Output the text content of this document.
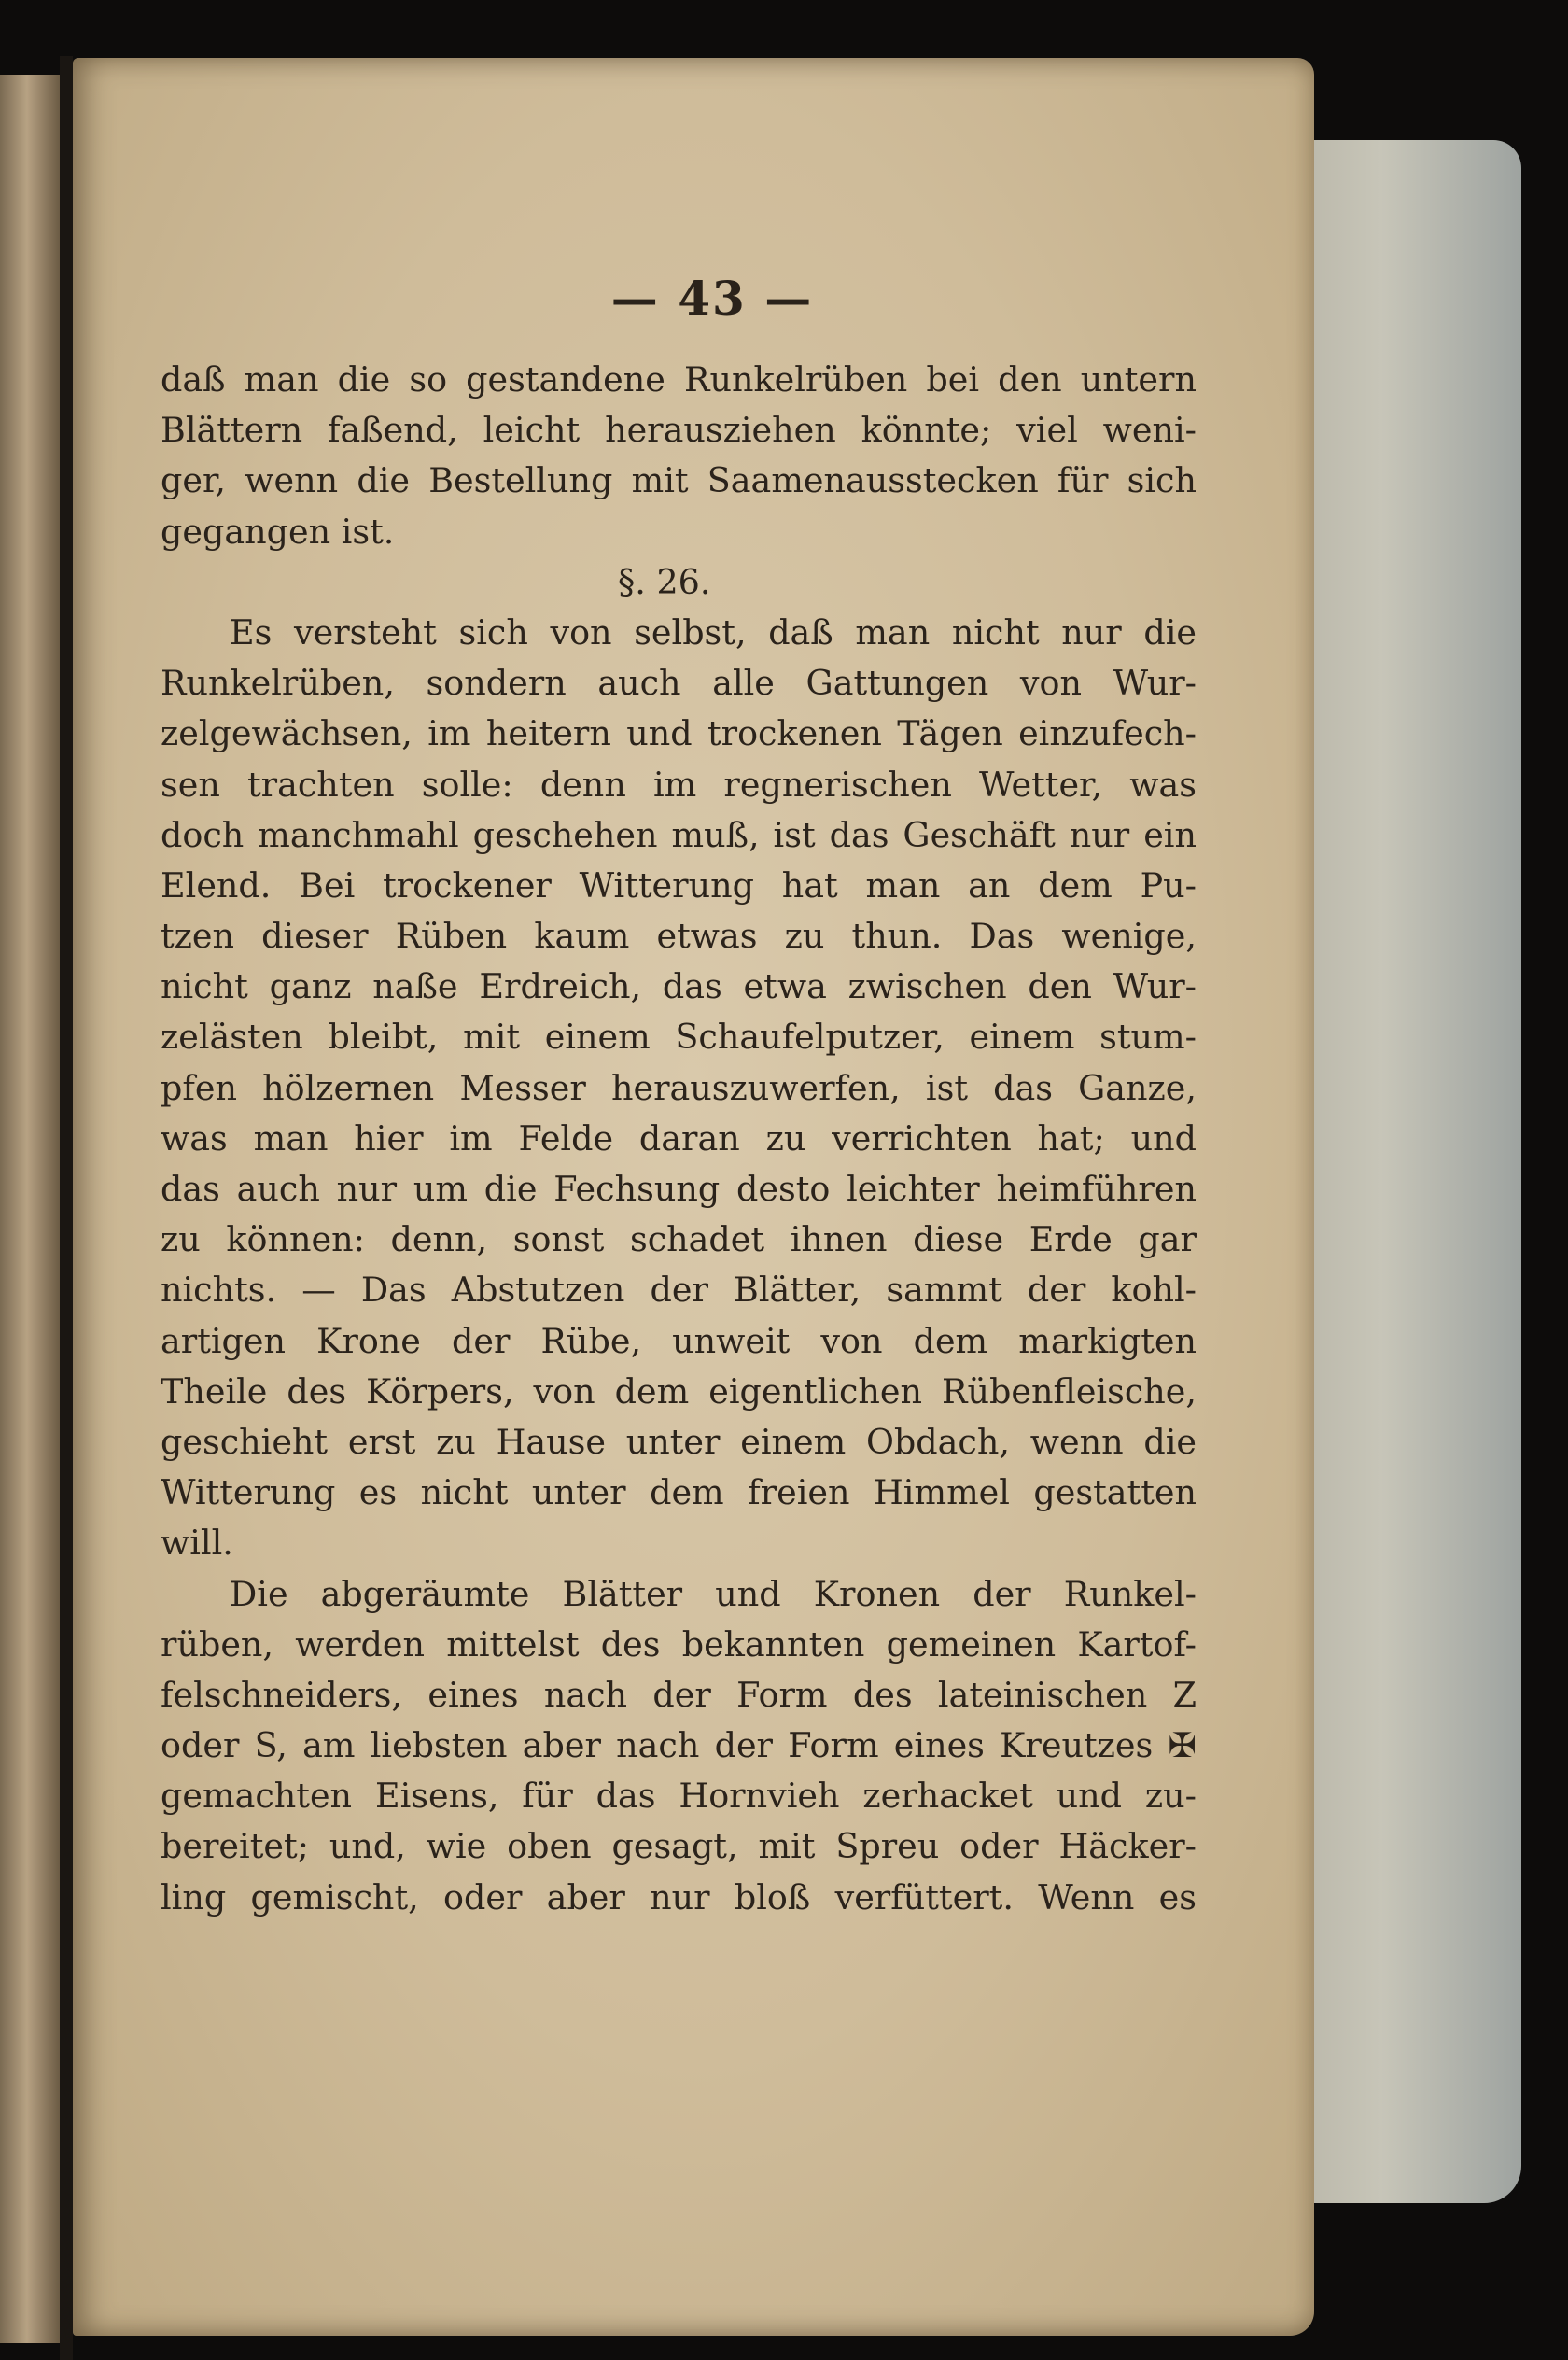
— 43 —
daß man die so gestandene Runkelrüben bei den untern
Blättern faßend, leicht herausziehen könnte; viel weni-
ger, wenn die Bestellung mit Saamenausstecken für sich
gegangen ist.
§. 26.
Es versteht sich von selbst, daß man nicht nur die
Runkelrüben, sondern auch alle Gattungen von Wur-
zelgewächsen, im heitern und trockenen Tägen einzufech-
sen trachten solle: denn im regnerischen Wetter, was
doch manchmahl geschehen muß, ist das Geschäft nur ein
Elend. Bei trockener Witterung hat man an dem Pu-
tzen dieser Rüben kaum etwas zu thun. Das wenige,
nicht ganz naße Erdreich, das etwa zwischen den Wur-
zelästen bleibt, mit einem Schaufelputzer, einem stum-
pfen hölzernen Messer herauszuwerfen, ist das Ganze,
was man hier im Felde daran zu verrichten hat; und
das auch nur um die Fechsung desto leichter heimführen
zu können: denn, sonst schadet ihnen diese Erde gar
nichts. — Das Abstutzen der Blätter, sammt der kohl-
artigen Krone der Rübe, unweit von dem markigten
Theile des Körpers, von dem eigentlichen Rübenfleische,
geschieht erst zu Hause unter einem Obdach, wenn die
Witterung es nicht unter dem freien Himmel gestatten
will.
Die abgeräumte Blätter und Kronen der Runkel-
rüben, werden mittelst des bekannten gemeinen Kartof-
felschneiders, eines nach der Form des lateinischen Z
oder S, am liebsten aber nach der Form eines Kreutzes ✠
gemachten Eisens, für das Hornvieh zerhacket und zu-
bereitet; und, wie oben gesagt, mit Spreu oder Häcker-
ling gemischt, oder aber nur bloß verfüttert. Wenn es
